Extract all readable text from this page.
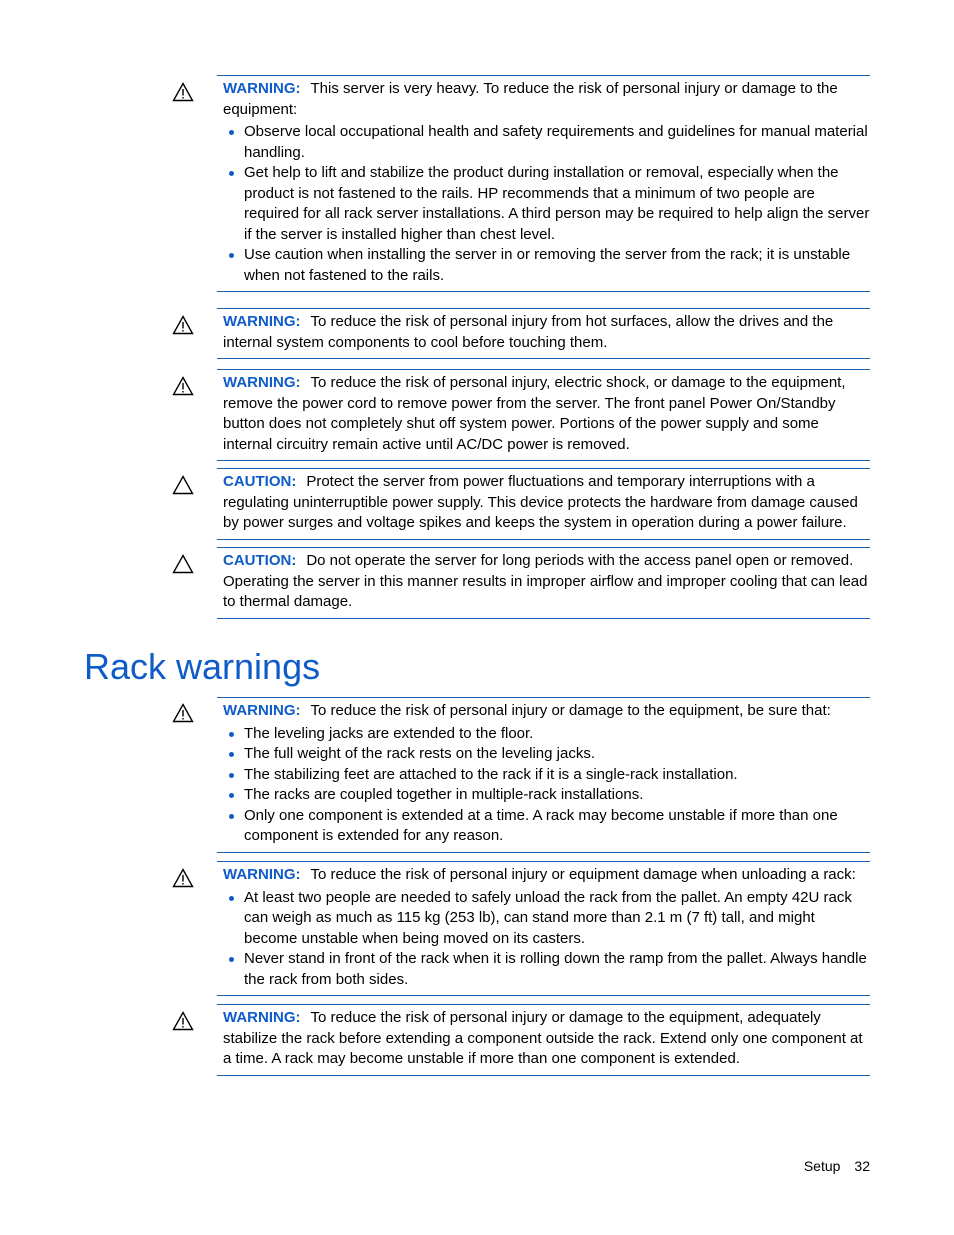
WARNING: This server is very heavy. To reduce the risk of personal injury or damage to the equipment:

Observe local occupational health and safety requirements and guidelines for manual material handling.
Get help to lift and stabilize the product during installation or removal, especially when the product is not fastened to the rails. HP recommends that a minimum of two people are required for all rack server installations. A third person may be required to help align the server if the server is installed higher than chest level.
Use caution when installing the server in or removing the server from the rack; it is unstable when not fastened to the rails.

WARNING: To reduce the risk of personal injury from hot surfaces, allow the drives and the internal system components to cool before touching them.

WARNING: To reduce the risk of personal injury, electric shock, or damage to the equipment, remove the power cord to remove power from the server. The front panel Power On/Standby button does not completely shut off system power. Portions of the power supply and some internal circuitry remain active until AC/DC power is removed.

CAUTION: Protect the server from power fluctuations and temporary interruptions with a regulating uninterruptible power supply. This device protects the hardware from damage caused by power surges and voltage spikes and keeps the system in operation during a power failure.

CAUTION: Do not operate the server for long periods with the access panel open or removed. Operating the server in this manner results in improper airflow and improper cooling that can lead to thermal damage.

Rack warnings

WARNING: To reduce the risk of personal injury or damage to the equipment, be sure that:

The leveling jacks are extended to the floor.
The full weight of the rack rests on the leveling jacks.
The stabilizing feet are attached to the rack if it is a single-rack installation.
The racks are coupled together in multiple-rack installations.
Only one component is extended at a time. A rack may become unstable if more than one component is extended for any reason.

WARNING: To reduce the risk of personal injury or equipment damage when unloading a rack:

At least two people are needed to safely unload the rack from the pallet. An empty 42U rack can weigh as much as 115 kg (253 lb), can stand more than 2.1 m (7 ft) tall, and might become unstable when being moved on its casters.
Never stand in front of the rack when it is rolling down the ramp from the pallet. Always handle the rack from both sides.

WARNING: To reduce the risk of personal injury or damage to the equipment, adequately stabilize the rack before extending a component outside the rack. Extend only one component at a time. A rack may become unstable if more than one component is extended.

Setup 32
